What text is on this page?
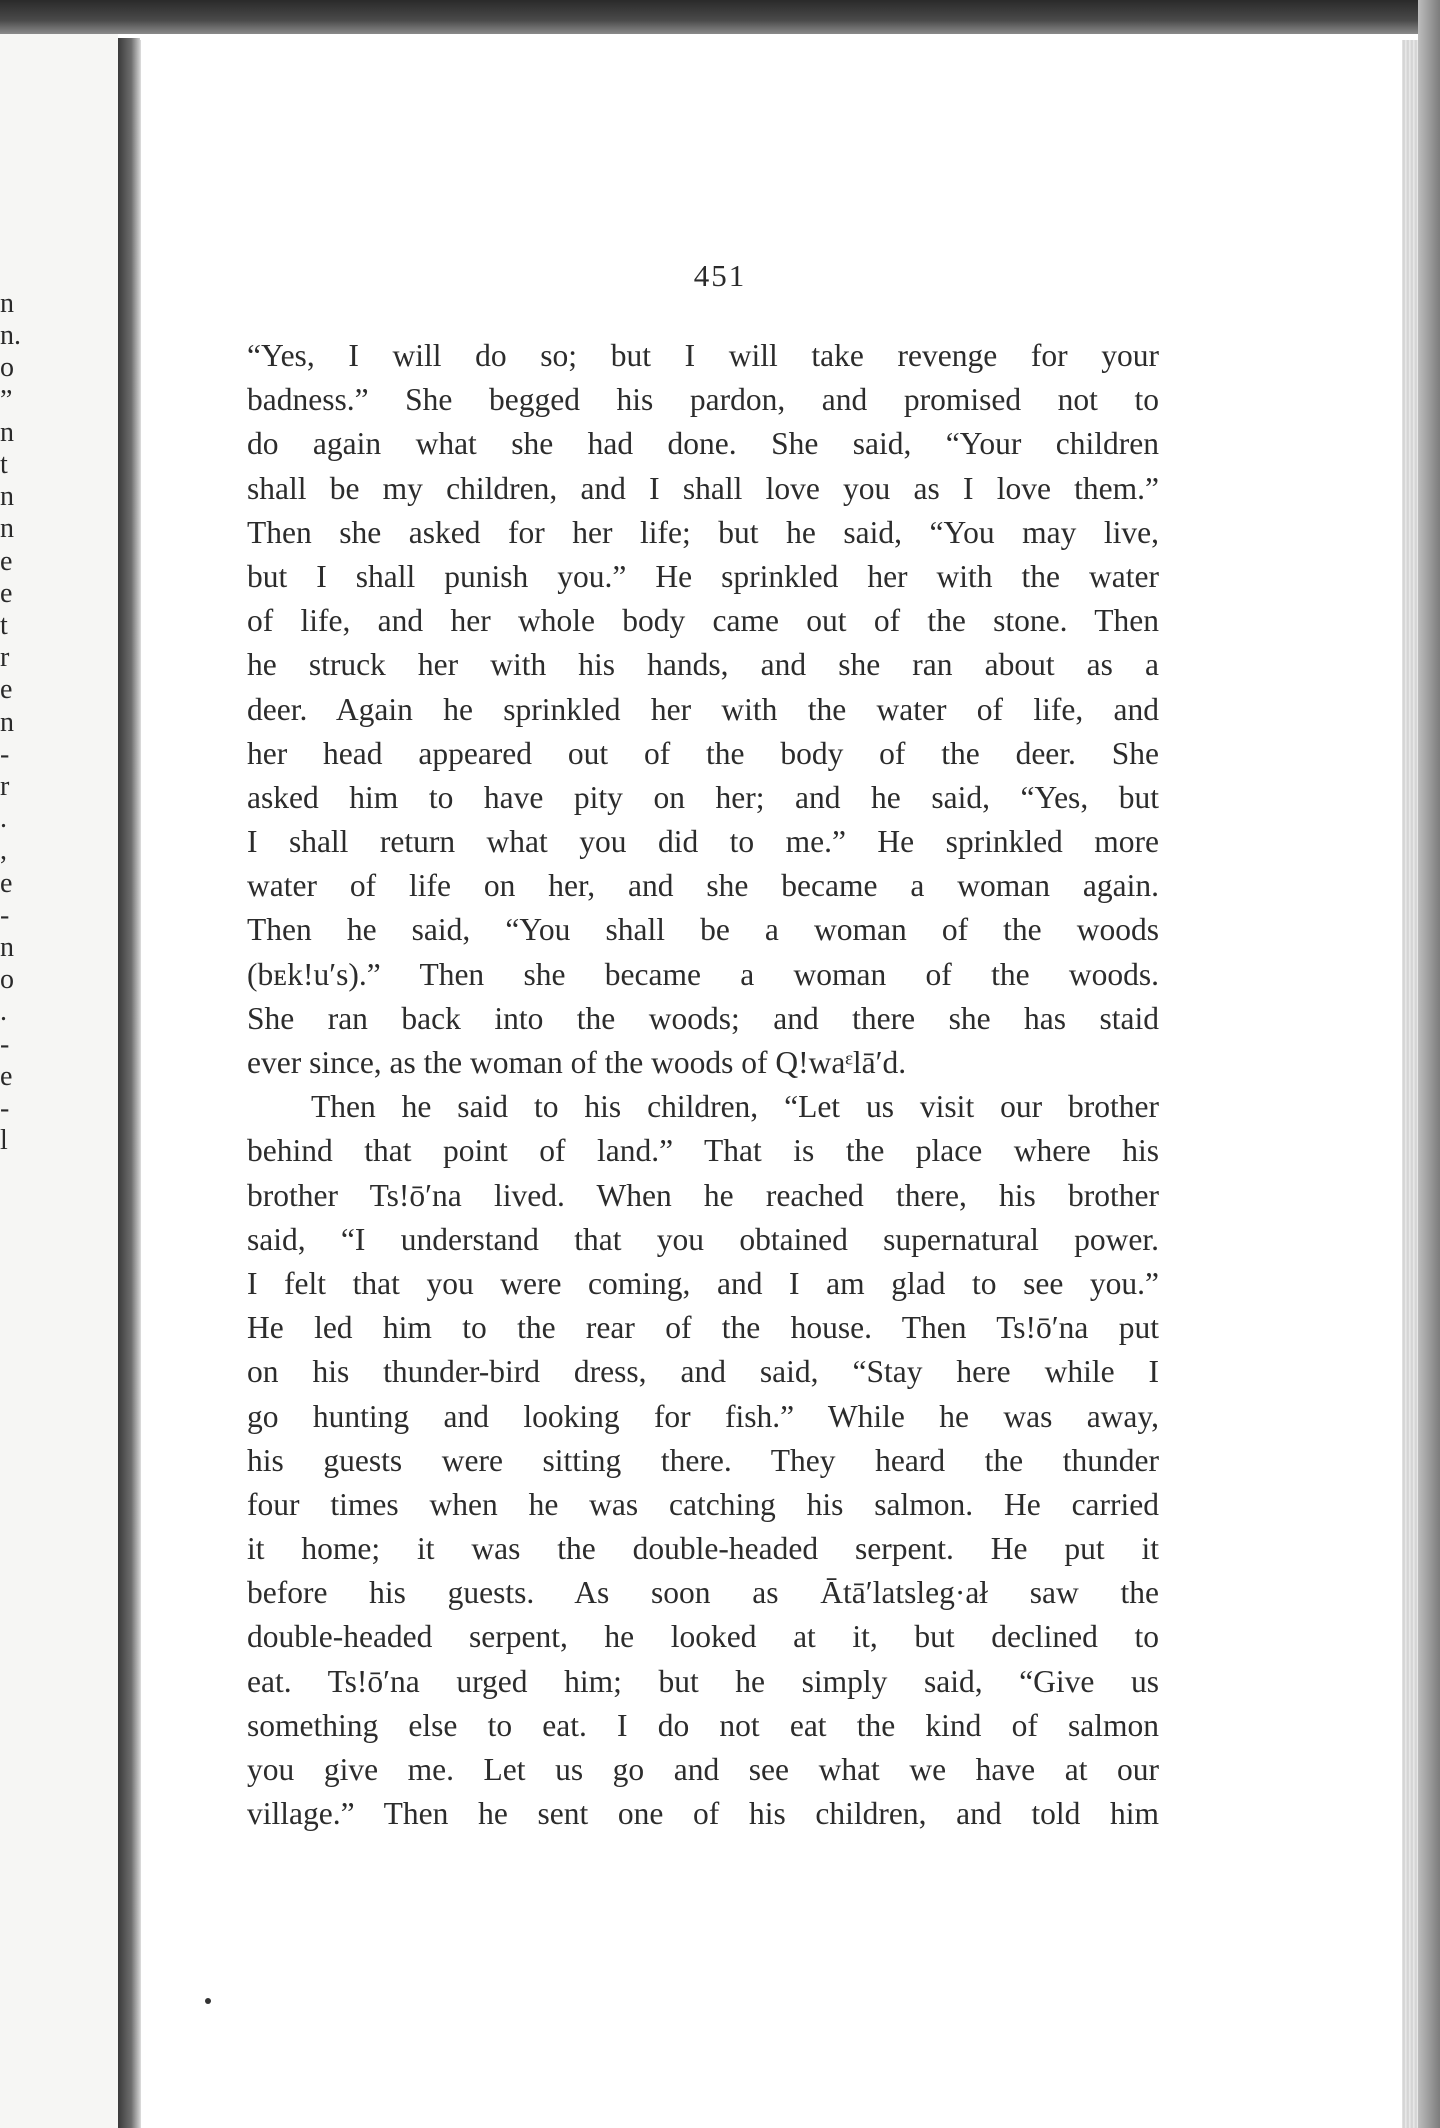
n
n.
o
”
n
t
n
n
e
e
t
r
e
n
-
r
.
,
e
-
n
o
.
-
e
-
l
451
“Yes, I will do so; but I will take revenge for your
badness.” She begged his pardon, and promised not to
do again what she had done. She said, “Your children
shall be my children, and I shall love you as I love them.”
Then she asked for her life; but he said, “You may live,
but I shall punish you.” He sprinkled her with the water
of life, and her whole body came out of the stone. Then
he struck her with his hands, and she ran about as a
deer. Again he sprinkled her with the water of life, and
her head appeared out of the body of the deer. She
asked him to have pity on her; and he said, “Yes, but
I shall return what you did to me.” He sprinkled more
water of life on her, and she became a woman again.
Then he said, “You shall be a woman of the woods
(bᴇk!u′s).” Then she became a woman of the woods.
She ran back into the woods; and there she has staid
ever since, as the woman of the woods of Q!waᵋlā′d.
Then he said to his children, “Let us visit our brother
behind that point of land.” That is the place where his
brother Ts!ō′na lived. When he reached there, his brother
said, “I understand that you obtained supernatural power.
I felt that you were coming, and I am glad to see you.”
He led him to the rear of the house. Then Ts!ō′na put
on his thunder-bird dress, and said, “Stay here while I
go hunting and looking for fish.” While he was away,
his guests were sitting there. They heard the thunder
four times when he was catching his salmon. He carried
it home; it was the double-headed serpent. He put it
before his guests. As soon as Ātā′latsleg·ał saw the
double-headed serpent, he looked at it, but declined to
eat. Ts!ō′na urged him; but he simply said, “Give us
something else to eat. I do not eat the kind of salmon
you give me. Let us go and see what we have at our
village.” Then he sent one of his children, and told him
